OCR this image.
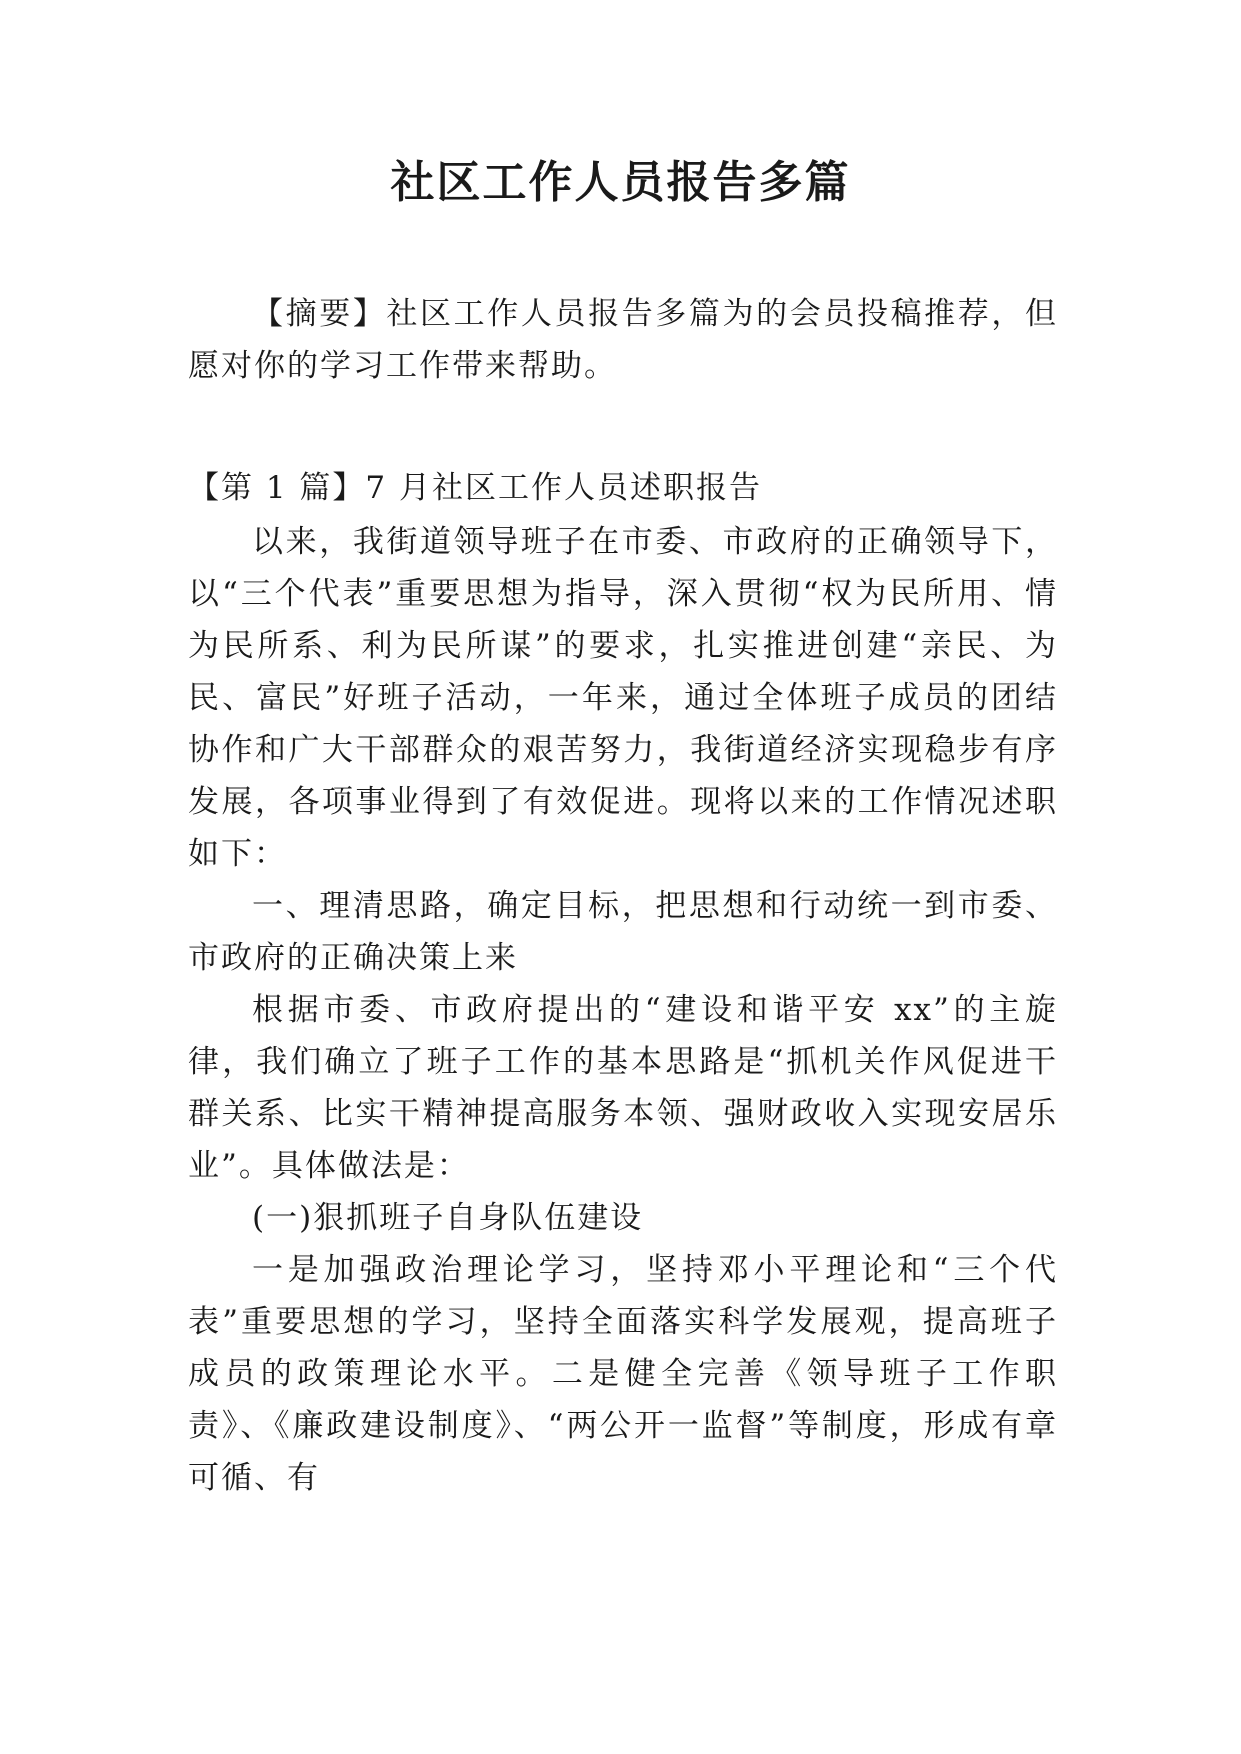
社区工作人员报告多篇

【摘要】社区工作人员报告多篇为的会员投稿推荐，但愿对你的学习工作带来帮助。

【第 1 篇】7 月社区工作人员述职报告

以来，我街道领导班子在市委、市政府的正确领导下，以“三个代表”重要思想为指导，深入贯彻“权为民所用、情为民所系、利为民所谋”的要求，扎实推进创建“亲民、为民、富民”好班子活动，一年来，通过全体班子成员的团结协作和广大干部群众的艰苦努力，我街道经济实现稳步有序发展，各项事业得到了有效促进。现将以来的工作情况述职如下：

一、理清思路，确定目标，把思想和行动统一到市委、市政府的正确决策上来

根据市委、市政府提出的“建设和谐平安 xx”的主旋律，我们确立了班子工作的基本思路是“抓机关作风促进干群关系、比实干精神提高服务本领、强财政收入实现安居乐业”。具体做法是：

(一)狠抓班子自身队伍建设

一是加强政治理论学习，坚持邓小平理论和“三个代表”重要思想的学习，坚持全面落实科学发展观，提高班子成员的政策理论水平。二是健全完善《领导班子工作职责》、《廉政建设制度》、“两公开一监督”等制度，形成有章可循、有
